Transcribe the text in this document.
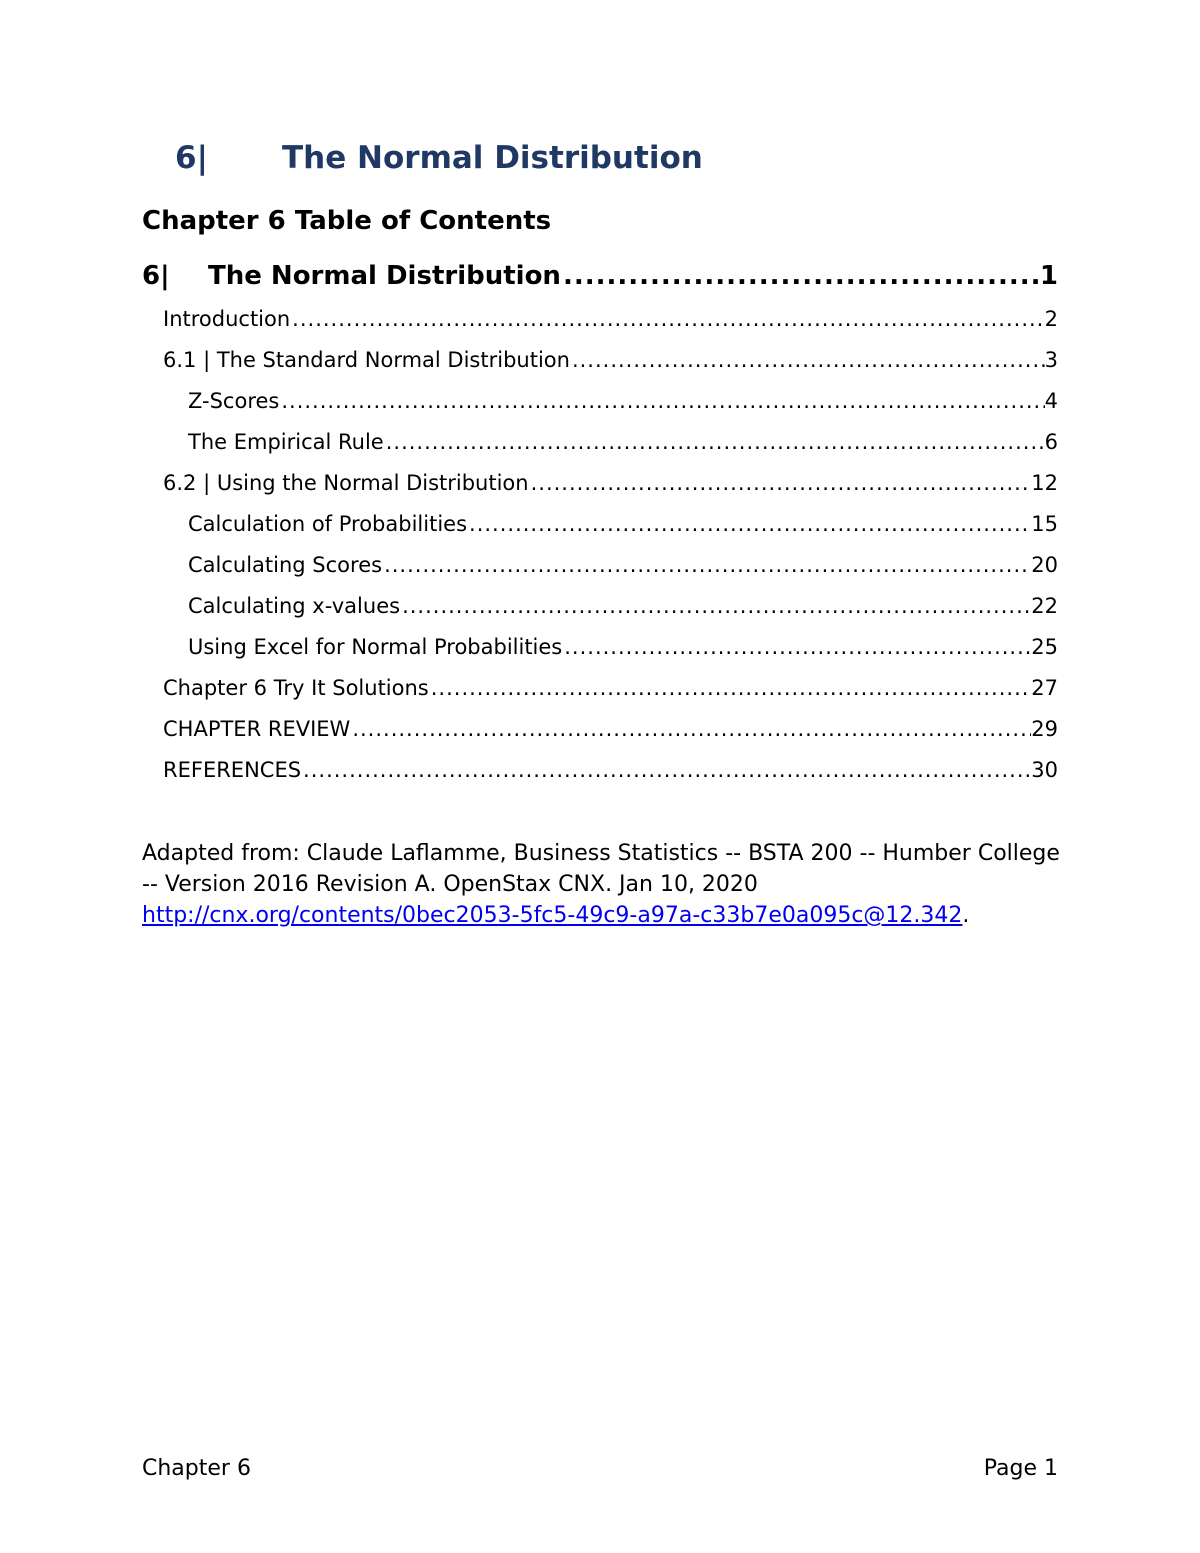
6|	The Normal Distribution
Chapter 6 Table of Contents
6| The Normal Distribution .....	1
Introduction .....	2
6.1 | The Standard Normal Distribution .....	3
Z-Scores .....	4
The Empirical Rule .....	6
6.2 | Using the Normal Distribution .....	12
Calculation of Probabilities .....	15
Calculating Scores .....	20
Calculating x-values .....	22
Using Excel for Normal Probabilities .....	25
Chapter 6 Try It Solutions .....	27
CHAPTER REVIEW .....	29
REFERENCES .....	30
Adapted from: Claude Laflamme, Business Statistics -- BSTA 200 -- Humber College -- Version 2016 Revision A. OpenStax CNX. Jan 10, 2020
http://cnx.org/contents/0bec2053-5fc5-49c9-a97a-c33b7e0a095c@12.342.
Chapter 6	Page 1
